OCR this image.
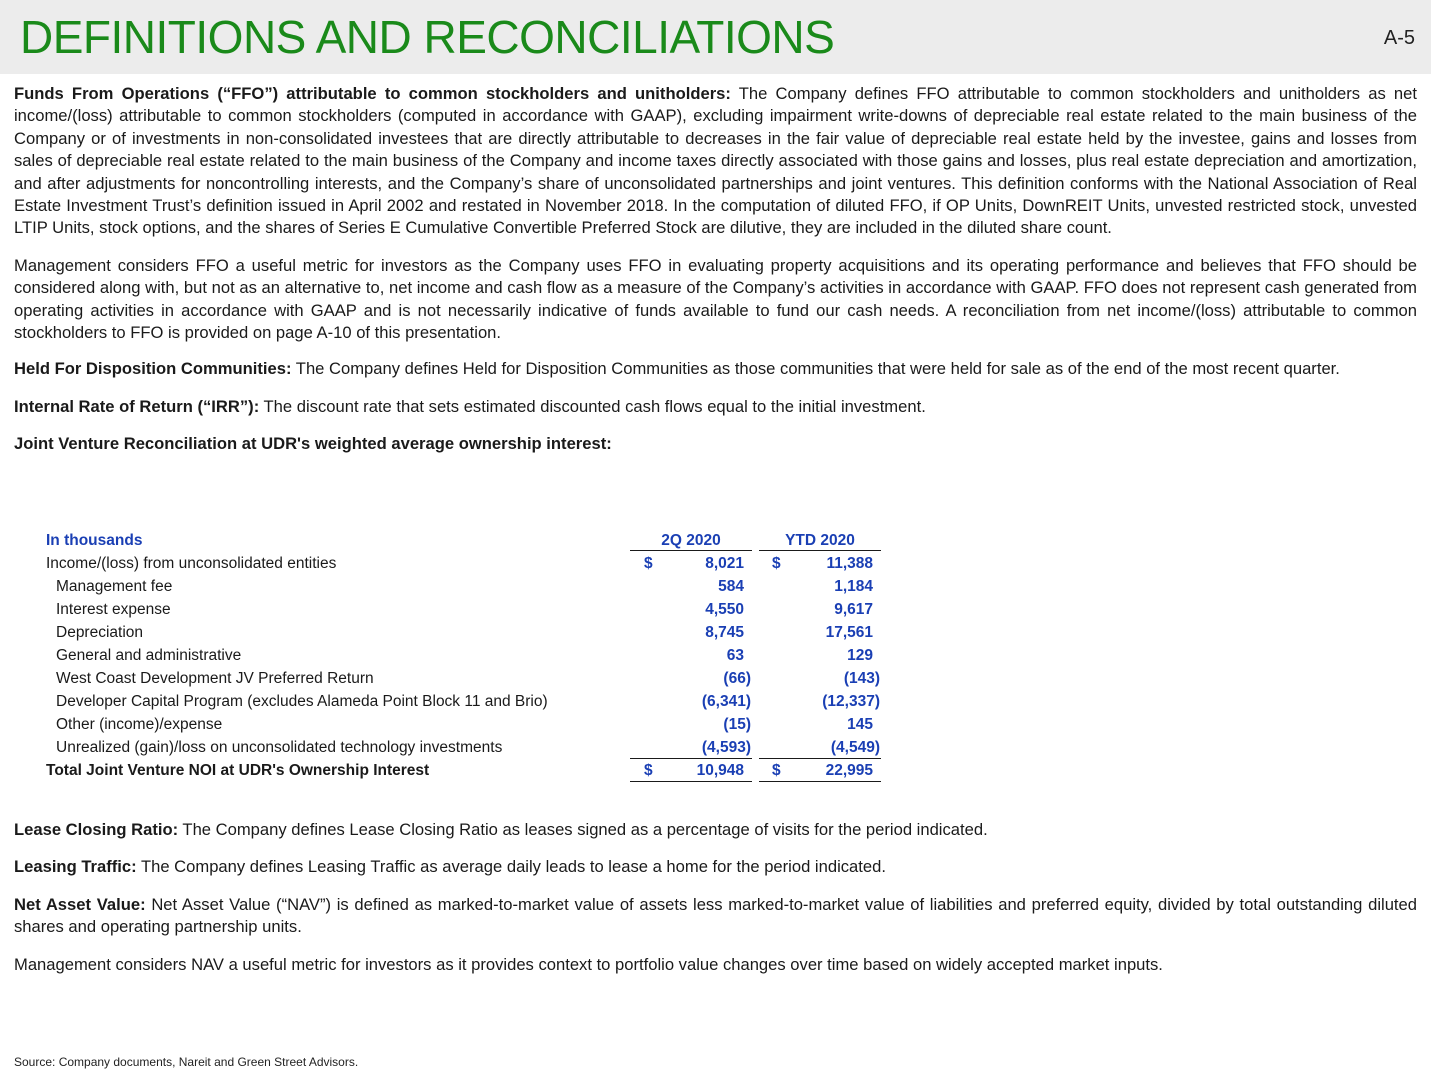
DEFINITIONS AND RECONCILIATIONS	A-5

Funds From Operations (“FFO”) attributable to common stockholders and unitholders: The Company defines FFO attributable to common stockholders and unitholders as net income/(loss) attributable to common stockholders (computed in accordance with GAAP), excluding impairment write-downs of depreciable real estate related to the main business of the Company or of investments in non-consolidated investees that are directly attributable to decreases in the fair value of depreciable real estate held by the investee, gains and losses from sales of depreciable real estate related to the main business of the Company and income taxes directly associated with those gains and losses, plus real estate depreciation and amortization, and after adjustments for noncontrolling interests, and the Company’s share of unconsolidated partnerships and joint ventures. This definition conforms with the National Association of Real Estate Investment Trust’s definition issued in April 2002 and restated in November 2018. In the computation of diluted FFO, if OP Units, DownREIT Units, unvested restricted stock, unvested LTIP Units, stock options, and the shares of Series E Cumulative Convertible Preferred Stock are dilutive, they are included in the diluted share count.

Management considers FFO a useful metric for investors as the Company uses FFO in evaluating property acquisitions and its operating performance and believes that FFO should be considered along with, but not as an alternative to, net income and cash flow as a measure of the Company’s activities in accordance with GAAP. FFO does not represent cash generated from operating activities in accordance with GAAP and is not necessarily indicative of funds available to fund our cash needs. A reconciliation from net income/(loss) attributable to common stockholders to FFO is provided on page A-10 of this presentation.

Held For Disposition Communities: The Company defines Held for Disposition Communities as those communities that were held for sale as of the end of the most recent quarter.

Internal Rate of Return (“IRR”): The discount rate that sets estimated discounted cash flows equal to the initial investment.

Joint Venture Reconciliation at UDR's weighted average ownership interest:

In thousands	2Q 2020	YTD 2020
Income/(loss) from unconsolidated entities	$	8,021 $	11,388
Management fee	584	1,184
Interest expense	4,550	9,617
Depreciation	8,745	17,561
General and administrative	63	129
West Coast Development JV Preferred Return	(66)	(143)
Developer Capital Program (excludes Alameda Point Block 11 and Brio)	(6,341)	(12,337)
Other (income)/expense	(15)	145
Unrealized (gain)/loss on unconsolidated technology investments	(4,593)	(4,549)
Total Joint Venture NOI at UDR's Ownership Interest	$	10,948 $	22,995

Lease Closing Ratio: The Company defines Lease Closing Ratio as leases signed as a percentage of visits for the period indicated.

Leasing Traffic: The Company defines Leasing Traffic as average daily leads to lease a home for the period indicated.

Net Asset Value: Net Asset Value (“NAV”) is defined as marked-to-market value of assets less marked-to-market value of liabilities and preferred equity, divided by total outstanding diluted shares and operating partnership units.

Management considers NAV a useful metric for investors as it provides context to portfolio value changes over time based on widely accepted market inputs.

Source: Company documents, Nareit and Green Street Advisors.
